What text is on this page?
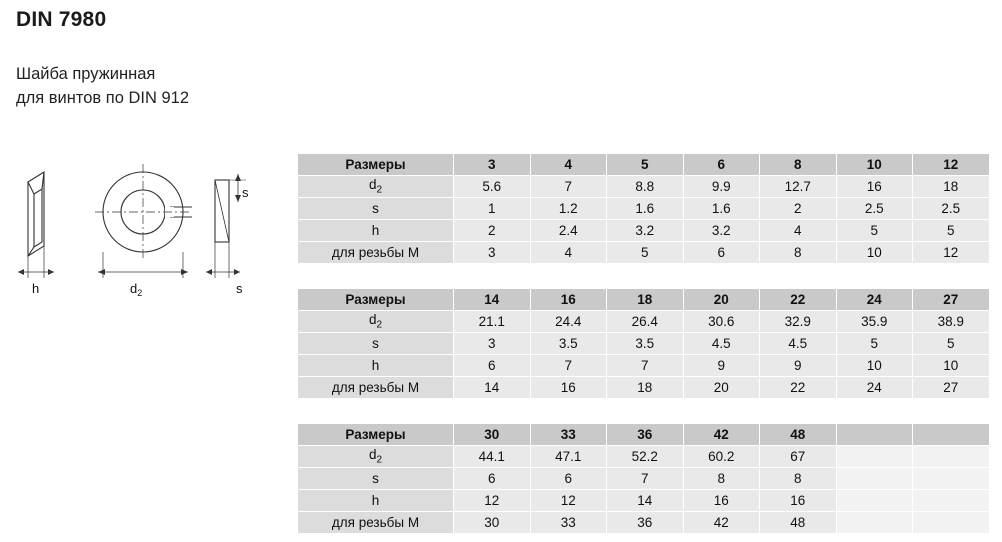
DIN 7980
Шайба пружинная
для винтов по DIN 912
h	$d_2$	s
s
Размеры	3	4	5	6	8	10	12
$d_2$	5.6	7	8.8	9.9	12.7	16	18
s	1	1.2	1.6	1.6	2	2.5	2.5
h	2	2.4	3.2	3.2	4	5	5
для резьбы M	3	4	5	6	8	10	12
Размеры	14	16	18	20	22	24	27
$d_2$	21.1	24.4	26.4	30.6	32.9	35.9	38.9
s	3	3.5	3.5	4.5	4.5	5	5
h	6	7	7	9	9	10	10
для резьбы M	14	16	18	20	22	24	27
Размеры	30	33	36	42	48		
$d_2$	44.1	47.1	52.2	60.2	67		
s	6	6	7	8	8		
h	12	12	14	16	16		
для резьбы M	30	33	36	42	48		
